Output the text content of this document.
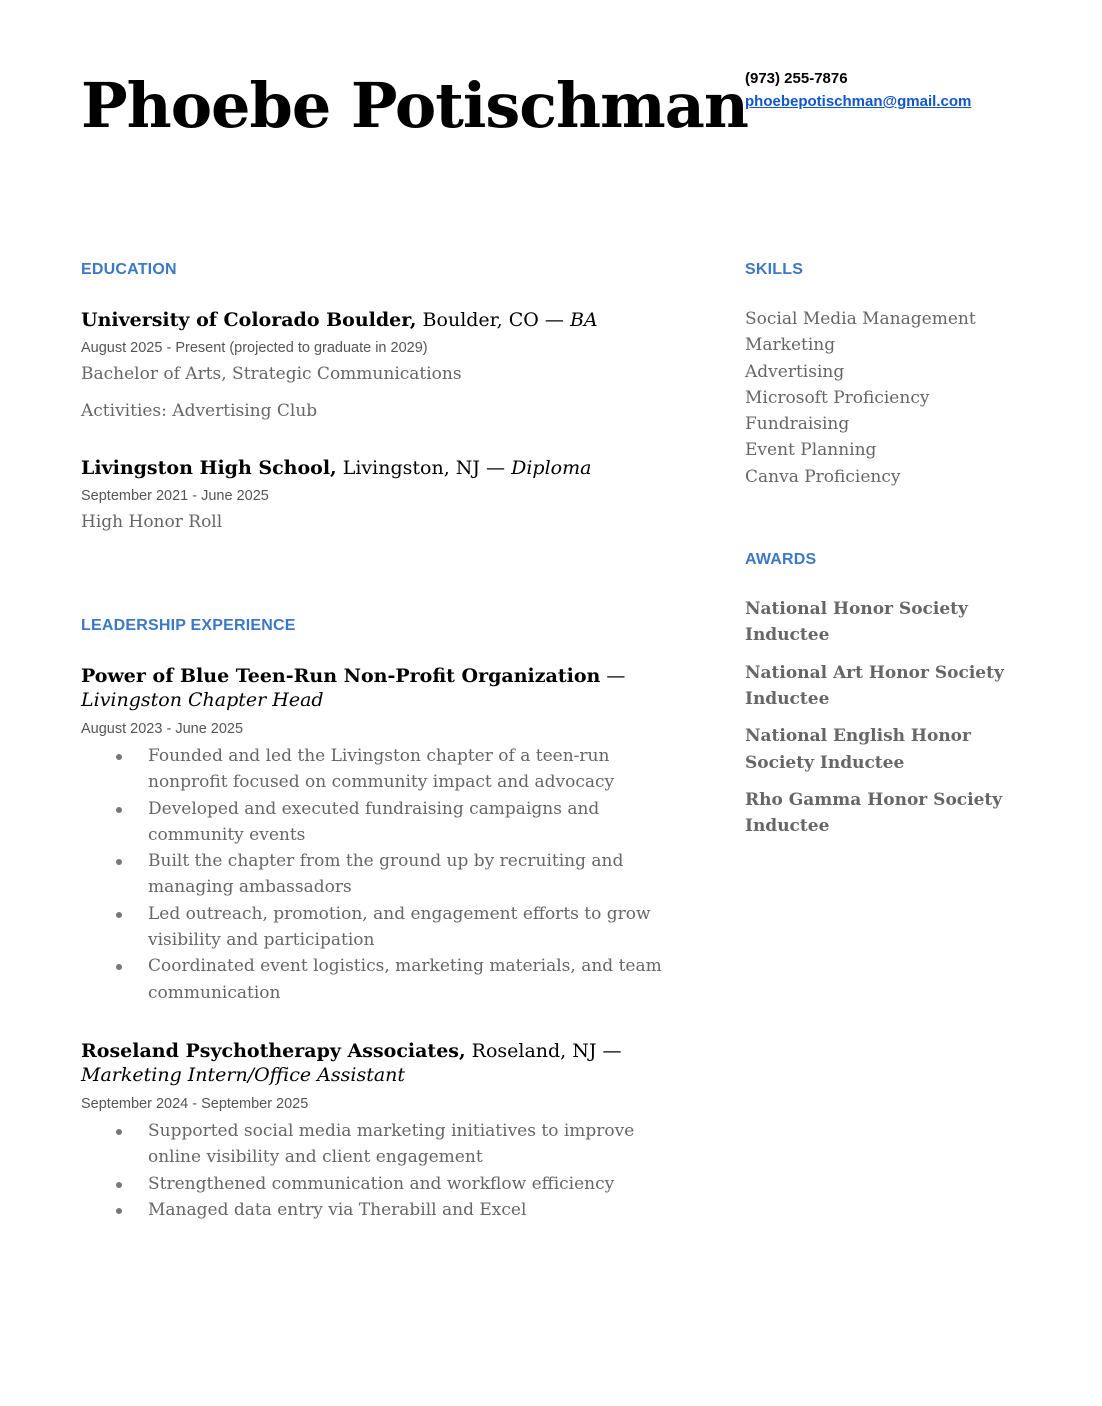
Phoebe Potischman
(973) 255-7876
phoebepotischman@gmail.com
EDUCATION
University of Colorado Boulder, Boulder, CO — BA
August 2025 - Present (projected to graduate in 2029)
Bachelor of Arts, Strategic Communications
Activities: Advertising Club
Livingston High School, Livingston, NJ — Diploma
September 2021 - June 2025
High Honor Roll
LEADERSHIP EXPERIENCE
Power of Blue Teen-Run Non-Profit Organization —
Livingston Chapter Head
August 2023 - June 2025
Founded and led the Livingston chapter of a teen-run nonprofit focused on community impact and advocacy
Developed and executed fundraising campaigns and community events
Built the chapter from the ground up by recruiting and managing ambassadors
Led outreach, promotion, and engagement efforts to grow visibility and participation
Coordinated event logistics, marketing materials, and team communication
Roseland Psychotherapy Associates, Roseland, NJ —
Marketing Intern/Office Assistant
September 2024 - September 2025
Supported social media marketing initiatives to improve online visibility and client engagement
Strengthened communication and workflow efficiency
Managed data entry via Therabill and Excel
SKILLS
Social Media Management
Marketing
Advertising
Microsoft Proficiency
Fundraising
Event Planning
Canva Proficiency
AWARDS
National Honor Society Inductee
National Art Honor Society Inductee
National English Honor Society Inductee
Rho Gamma Honor Society Inductee
